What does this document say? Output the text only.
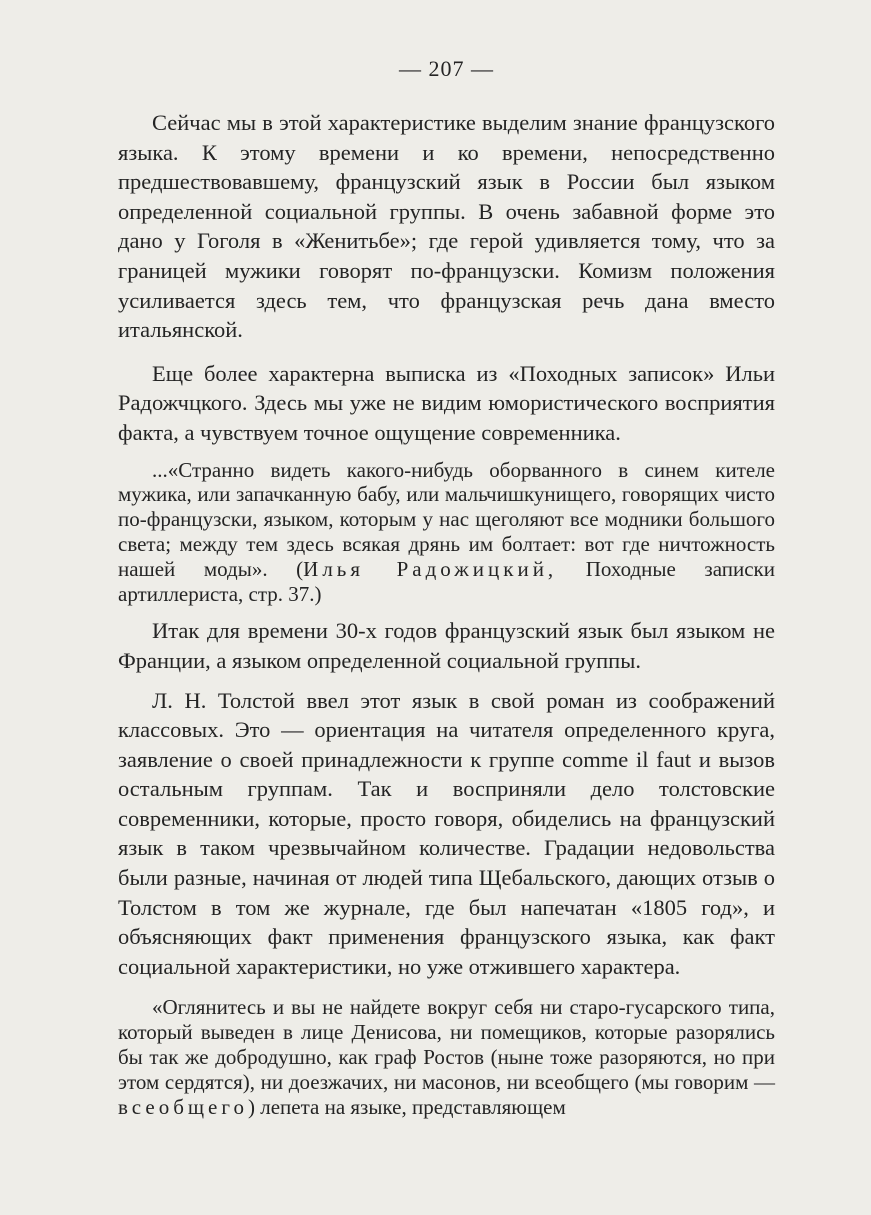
— 207 —

Сейчас мы в этой характеристике выделим знание французского языка. К этому времени и ко времени, непосредственно предшествовавшему, французский язык в России был языком определенной социальной группы. В очень забавной форме это дано у Гоголя в «Женитьбе»; где герой удивляется тому, что за границей мужики говорят по-французски. Комизм положения усиливается здесь тем, что французская речь дана вместо итальянской.

Еще более характерна выписка из «Походных записок» Ильи Радожчцкого. Здесь мы уже не видим юмористического восприятия факта, а чувствуем точное ощущение современника.

...«Странно видеть какого-нибудь оборванного в синем кителе мужика, или запачканную бабу, или мальчишкунищего, говорящих чисто по-французски, языком, которым у нас щеголяют все модники большого света; между тем здесь всякая дрянь им болтает: вот где ничтожность нашей моды». (Илья Радожицкий, Походные записки артиллериста, стр. 37.)

Итак для времени 30-х годов французский язык был языком не Франции, а языком определенной социальной группы.

Л. Н. Толстой ввел этот язык в свой роман из соображений классовых. Это — ориентация на читателя определенного круга, заявление о своей принадлежности к группе comme il faut и вызов остальным группам. Так и восприняли дело толстовские современники, которые, просто говоря, обиделись на французский язык в таком чрезвычайном количестве. Градации недовольства были разные, начиная от людей типа Щебальского, дающих отзыв о Толстом в том же журнале, где был напечатан «1805 год», и объясняющих факт применения французского языка, как факт социальной характеристики, но уже отжившего характера.

«Оглянитесь и вы не найдете вокруг себя ни старо-гусарского типа, который выведен в лице Денисова, ни помещиков, которые разорялись бы так же добродушно, как граф Ростов (ныне тоже разоряются, но при этом сердятся), ни доезжачих, ни масонов, ни всеобщего (мы говорим — всеобщего) лепета на языке, представляющем
